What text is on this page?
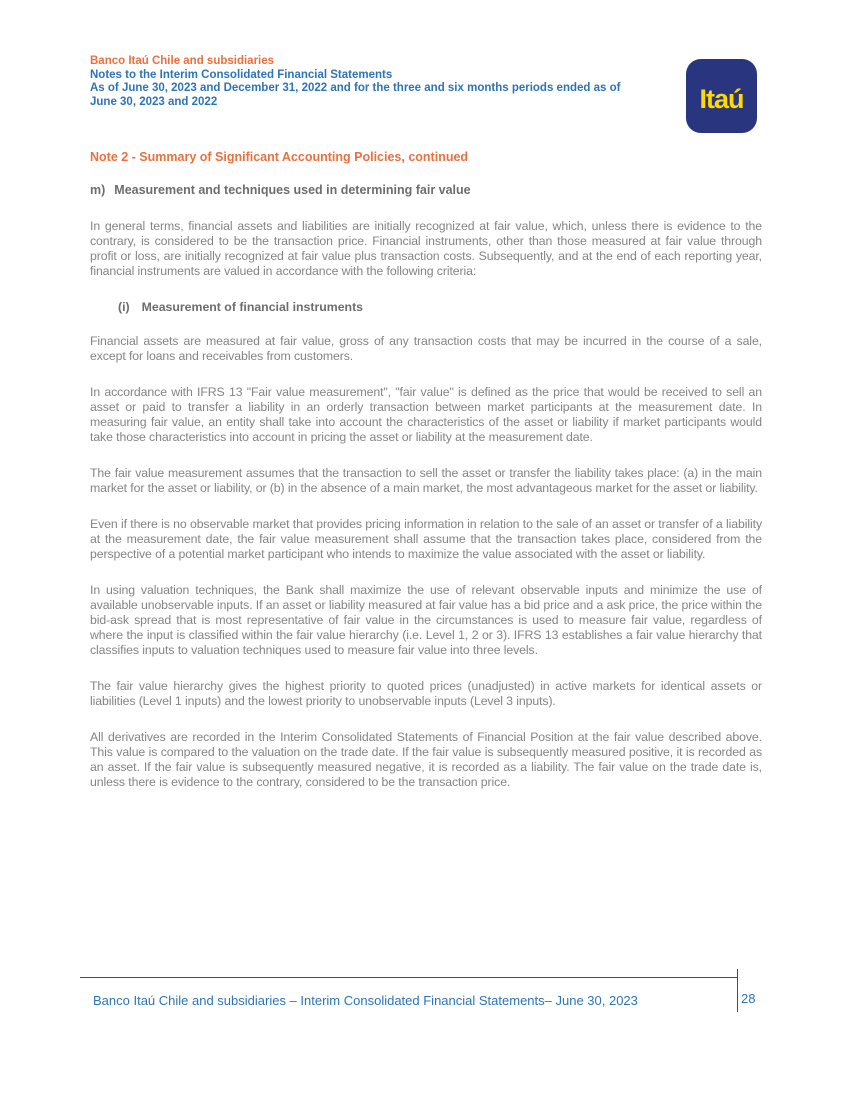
Banco Itaú Chile and subsidiaries
Notes to the Interim Consolidated Financial Statements
As of June 30, 2023 and December 31, 2022 and for the three and six months periods ended as of
June 30, 2023 and 2022	Itaú
Note 2 - Summary of Significant Accounting Policies, continued
m) Measurement and techniques used in determining fair value

In general terms, financial assets and liabilities are initially recognized at fair value, which, unless there is evidence to the contrary, is considered to be the transaction price. Financial instruments, other than those measured at fair value through profit or loss, are initially recognized at fair value plus transaction costs. Subsequently, and at the end of each reporting year, financial instruments are valued in accordance with the following criteria:

(i) Measurement of financial instruments

Financial assets are measured at fair value, gross of any transaction costs that may be incurred in the course of a sale, except for loans and receivables from customers.

In accordance with IFRS 13 "Fair value measurement", "fair value" is defined as the price that would be received to sell an asset or paid to transfer a liability in an orderly transaction between market participants at the measurement date. In measuring fair value, an entity shall take into account the characteristics of the asset or liability if market participants would take those characteristics into account in pricing the asset or liability at the measurement date.

The fair value measurement assumes that the transaction to sell the asset or transfer the liability takes place: (a) in the main market for the asset or liability, or (b) in the absence of a main market, the most advantageous market for the asset or liability.

Even if there is no observable market that provides pricing information in relation to the sale of an asset or transfer of a liability at the measurement date, the fair value measurement shall assume that the transaction takes place, considered from the perspective of a potential market participant who intends to maximize the value associated with the asset or liability.

In using valuation techniques, the Bank shall maximize the use of relevant observable inputs and minimize the use of available unobservable inputs. If an asset or liability measured at fair value has a bid price and a ask price, the price within the bid-ask spread that is most representative of fair value in the circumstances is used to measure fair value, regardless of where the input is classified within the fair value hierarchy (i.e. Level 1, 2 or 3). IFRS 13 establishes a fair value hierarchy that classifies inputs to valuation techniques used to measure fair value into three levels.

The fair value hierarchy gives the highest priority to quoted prices (unadjusted) in active markets for identical assets or liabilities (Level 1 inputs) and the lowest priority to unobservable inputs (Level 3 inputs).

All derivatives are recorded in the Interim Consolidated Statements of Financial Position at the fair value described above. This value is compared to the valuation on the trade date. If the fair value is subsequently measured positive, it is recorded as an asset. If the fair value is subsequently measured negative, it is recorded as a liability. The fair value on the trade date is, unless there is evidence to the contrary, considered to be the transaction price.

Banco Itaú Chile and subsidiaries – Interim Consolidated Financial Statements– June 30, 2023	28
